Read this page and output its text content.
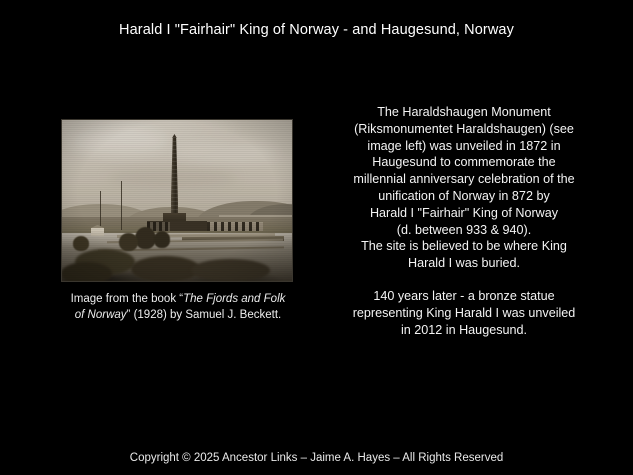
Harald I "Fairhair" King of Norway - and Haugesund, Norway
Image from the book “The Fjords and Folk
of Norway” (1928) by Samuel J. Beckett.

The Haraldshaugen Monument
(Riksmonumentet Haraldshaugen) (see
image left) was unveiled in 1872 in
Haugesund to commemorate the
millennial anniversary celebration of the
unification of Norway in 872 by
Harald I "Fairhair" King of Norway
(d. between 933 & 940).
The site is believed to be where King
Harald I was buried.

140 years later - a bronze statue
representing King Harald I was unveiled
in 2012 in Haugesund.

Copyright © 2025 Ancestor Links – Jaime A. Hayes – All Rights Reserved
